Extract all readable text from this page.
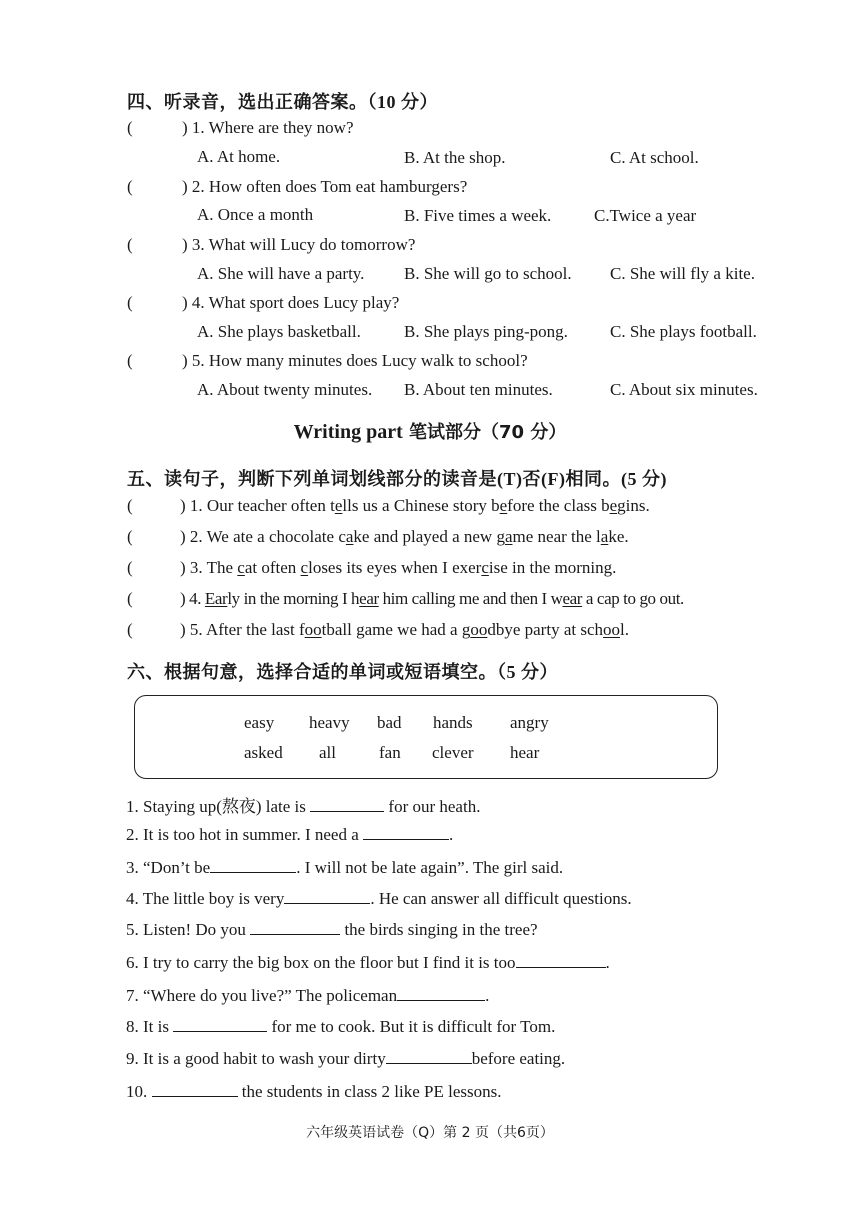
四、听录音，选出正确答案。（10 分）
(	) 1. Where are they now?
A. At home.	B. At the shop.	C. At school.
(	) 2. How often does Tom eat hamburgers?
A. Once a month	B. Five times a week.	C.Twice a year
(	) 3. What will Lucy do tomorrow?
A. She will have a party. B. She will go to school. C. She will fly a kite.
(	) 4. What sport does Lucy play?
A. She plays basketball.	B. She plays ping-pong. C. She plays football.
(	) 5. How many minutes does Lucy walk to school?
A. About twenty minutes. B. About ten minutes.	C. About six minutes.
Writing part 笔试部分（70 分）
五、读句子，判断下列单词划线部分的读音是(T)否(F)相同。(5 分)
(	) 1. Our teacher often tells us a Chinese story before the class begins.
(	) 2. We ate a chocolate cake and played a new game near the lake.
(	) 3. The cat often closes its eyes when I exercise in the morning.
(	) 4. Early in the morning I hear him calling me and then I wear a cap to go out.
(	) 5. After the last football game we had a goodbye party at school.
六、根据句意，选择合适的单词或短语填空。（5 分）
easy heavy bad hands angry
asked all	fan clever hear
1. Staying up(熬夜) late is	for our heath.
2. It is too hot in summer. I need a	.
3. “Don’t be	. I will not be late again”. The girl said.
4. The little boy is very	. He can answer all difficult questions.
5. Listen! Do you	the birds singing in the tree?
6. I try to carry the big box on the floor but I find it is too	.
7. “Where do you live?” The policeman	.
8. It is	for me to cook. But it is difficult for Tom.
9. It is a good habit to wash your dirty	before eating.
10.	the students in class 2 like PE lessons.
六年级英语试卷（Q）第 2 页（共6页）
